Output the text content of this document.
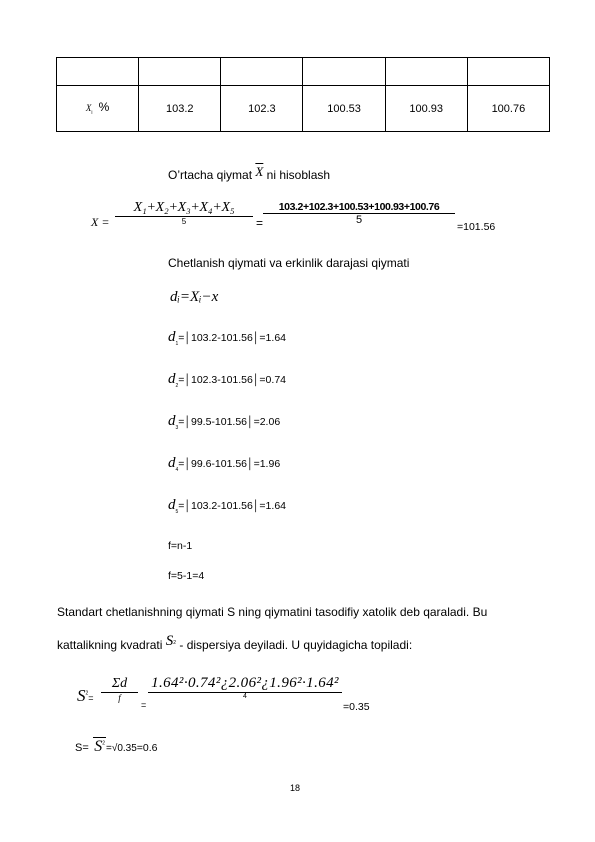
$X_i$ %	103.2	102.3	100.53	100.93	100.76
O’rtacha qiymat $\overline{X}$ ni hisoblash
X =
X₁+X₂+X₃+X₄+X₅
5	= $\frac{103.2+102.3+100.53+100.93+100.76}{5}$
=101.56
Chetlanish qiymati va erkinlik darajasi qiymati
dᵢ=Xᵢ−x
$d_1=│103.2-101.56│=1.64$
$d_2=│102.3-101.56│=0.74$
$d_3=│99.5-101.56│=2.06$
$d_4=│99.6-101.56│=1.96$
$d_5=│103.2-101.56│=1.64$
f=n-1
f=5-1=4
Standart chetlanishning qiymati S ning qiymatini tasodifiy xatolik deb qaraladi. Bu
kattalikning kvadrati $S^2$ - dispersiya deyiladi. U quyidagicha topiladi:
$S^2=$
Σd
f
=
1.64²·0.74²¿2.06²¿1.96²·1.64²
4
=0.35
$S= S^2=√0.35=0.6$
18
